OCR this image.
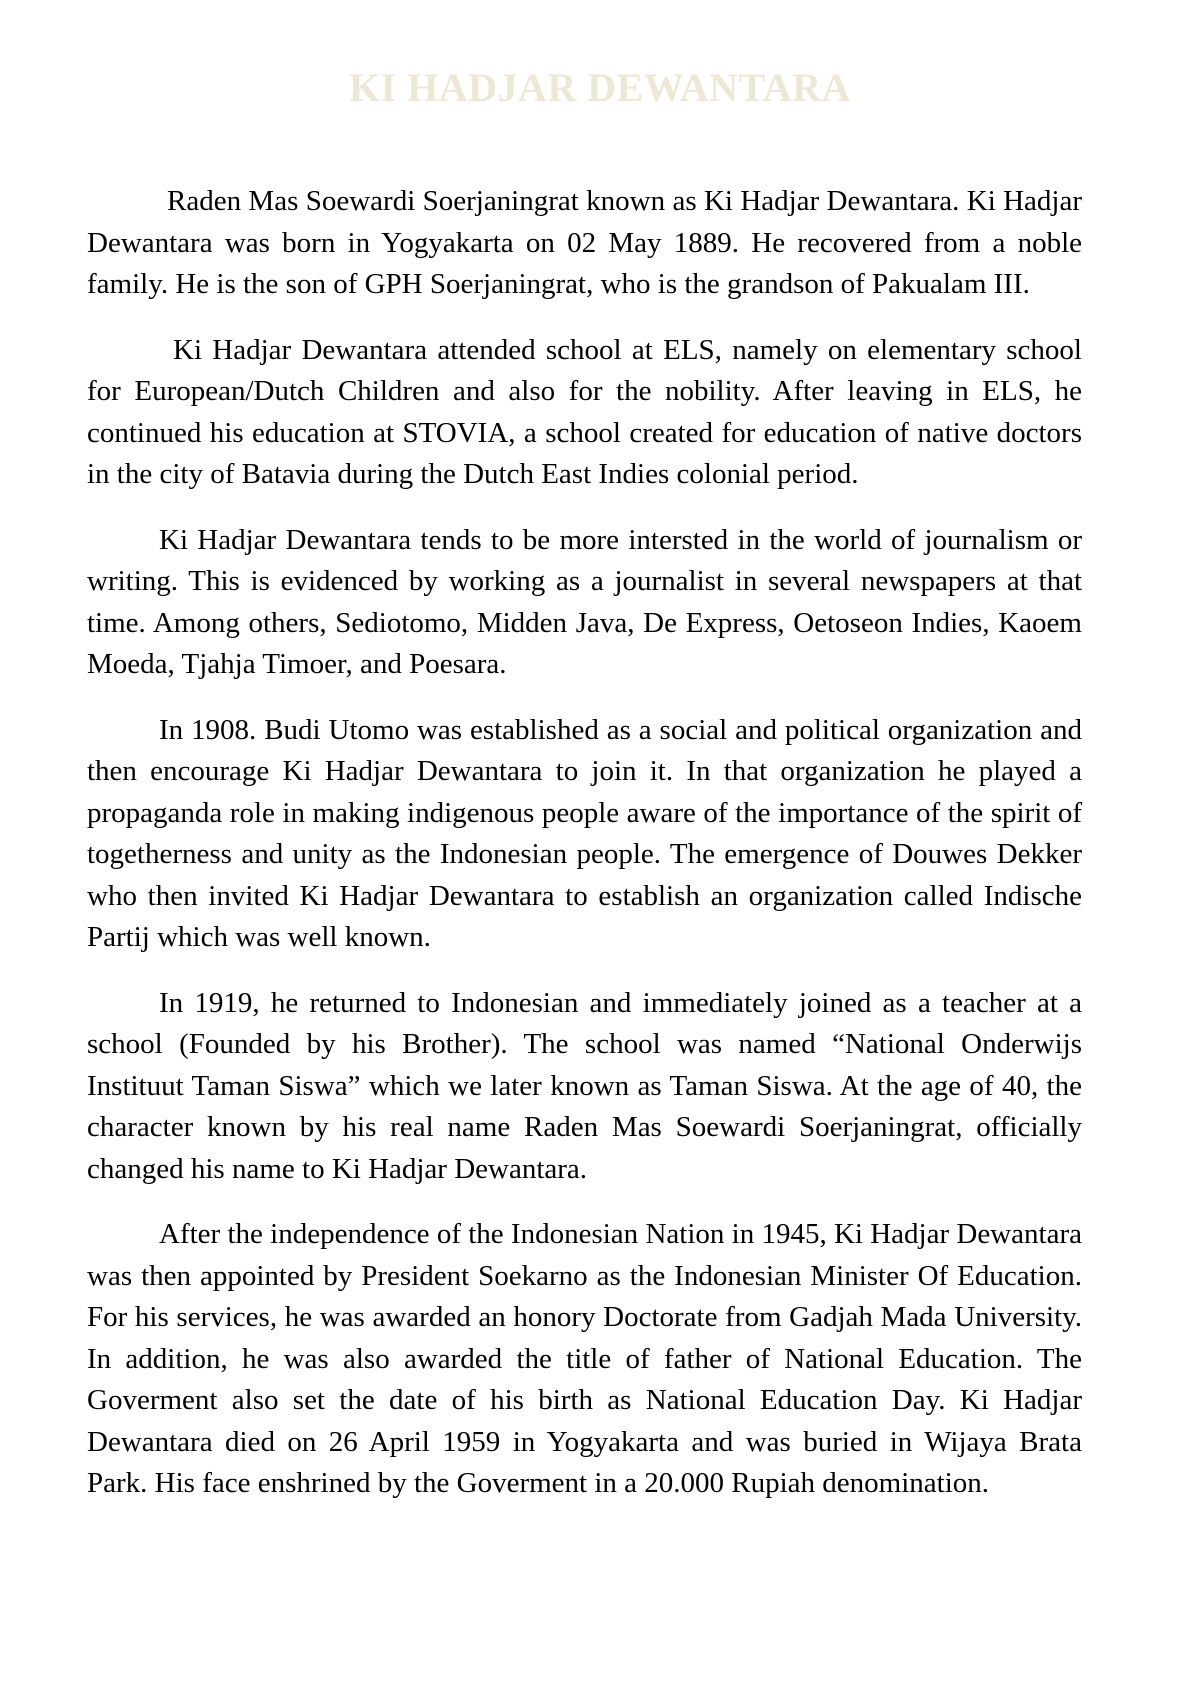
KI HADJAR DEWANTARA

Raden Mas Soewardi Soerjaningrat known as Ki Hadjar Dewantara. Ki Hadjar Dewantara was born in Yogyakarta on 02 May 1889. He recovered from a noble family. He is the son of GPH Soerjaningrat, who is the grandson of Pakualam III.

Ki Hadjar Dewantara attended school at ELS, namely on elementary school for European/Dutch Children and also for the nobility. After leaving in ELS, he continued his education at STOVIA, a school created for education of native doctors in the city of Batavia during the Dutch East Indies colonial period.

Ki Hadjar Dewantara tends to be more intersted in the world of journalism or writing. This is evidenced by working as a journalist in several newspapers at that time. Among others, Sediotomo, Midden Java, De Express, Oetoseon Indies, Kaoem Moeda, Tjahja Timoer, and Poesara.

In 1908. Budi Utomo was established as a social and political organization and then encourage Ki Hadjar Dewantara to join it. In that organization he played a propaganda role in making indigenous people aware of the importance of the spirit of togetherness and unity as the Indonesian people. The emergence of Douwes Dekker who then invited Ki Hadjar Dewantara to establish an organization called Indische Partij which was well known.

In 1919, he returned to Indonesian and immediately joined as a teacher at a school (Founded by his Brother). The school was named “National Onderwijs Instituut Taman Siswa” which we later known as Taman Siswa. At the age of 40, the character known by his real name Raden Mas Soewardi Soerjaningrat, officially changed his name to Ki Hadjar Dewantara.

After the independence of the Indonesian Nation in 1945, Ki Hadjar Dewantara was then appointed by President Soekarno as the Indonesian Minister Of Education. For his services, he was awarded an honory Doctorate from Gadjah Mada University. In addition, he was also awarded the title of father of National Education. The Goverment also set the date of his birth as National Education Day. Ki Hadjar Dewantara died on 26 April 1959 in Yogyakarta and was buried in Wijaya Brata Park. His face enshrined by the Goverment in a 20.000 Rupiah denomination.
